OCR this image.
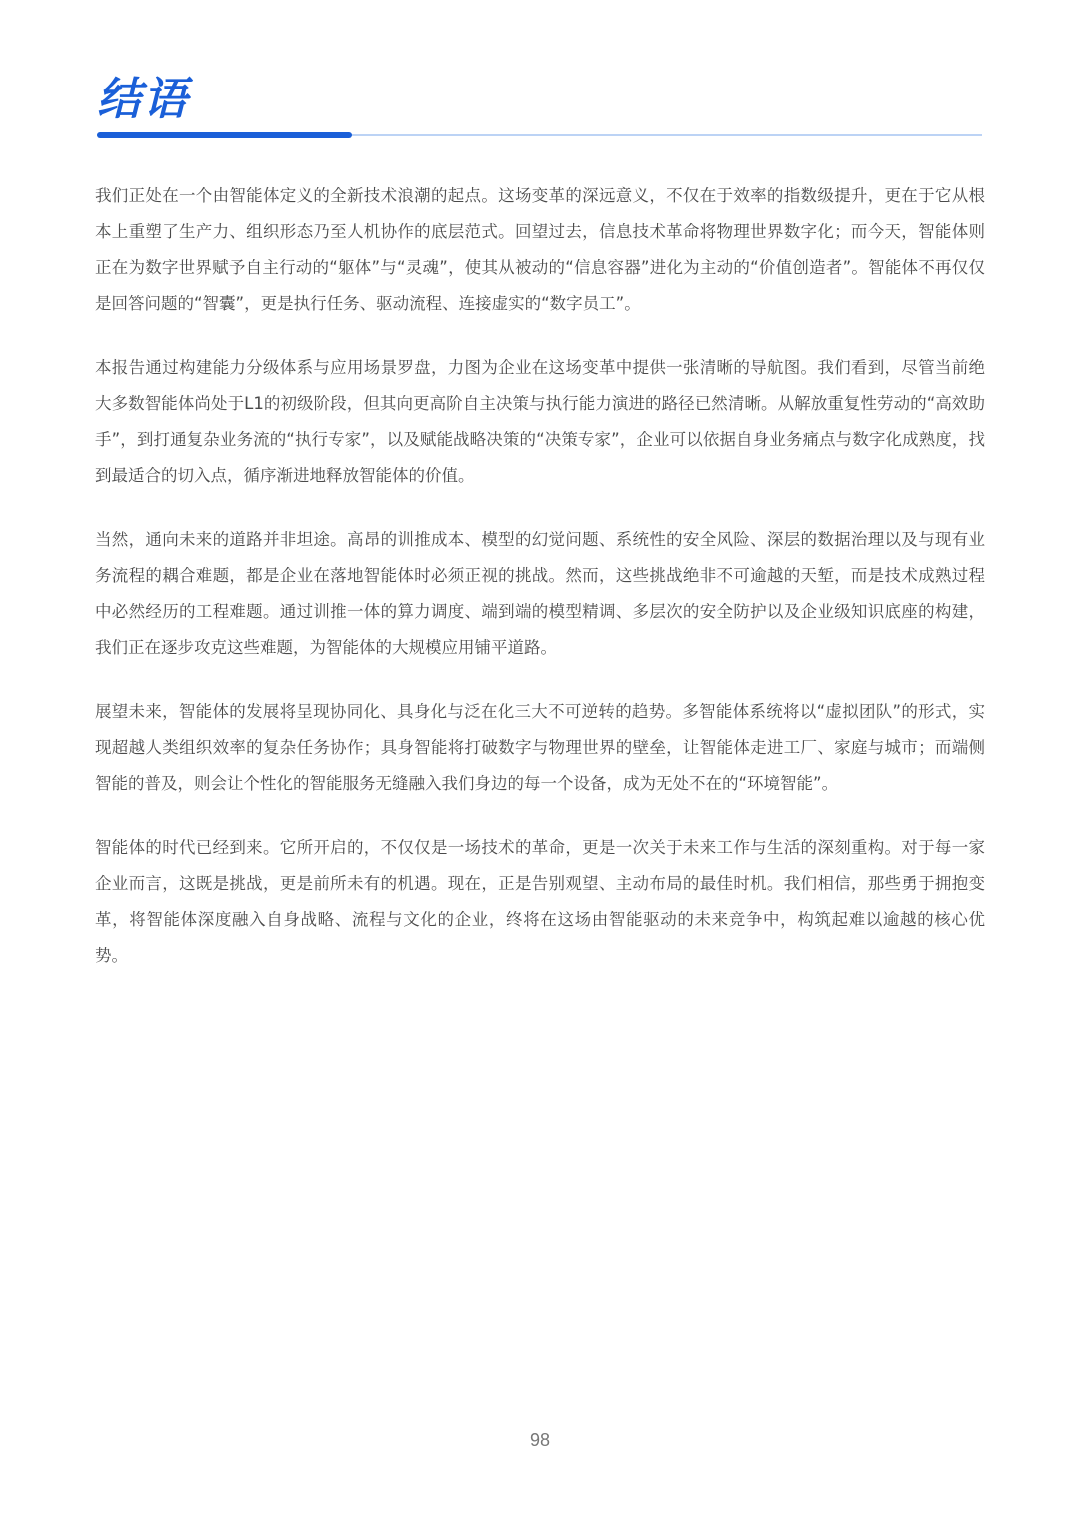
结语

我们正处在一个由智能体定义的全新技术浪潮的起点。这场变革的深远意义，不仅在于效率的指数级提升，更在于它从根本上重塑了生产力、组织形态乃至人机协作的底层范式。回望过去，信息技术革命将物理世界数字化；而今天，智能体则正在为数字世界赋予自主行动的“躯体”与“灵魂”，使其从被动的“信息容器”进化为主动的“价值创造者”。智能体不再仅仅是回答问题的“智囊”，更是执行任务、驱动流程、连接虚实的“数字员工”。

本报告通过构建能力分级体系与应用场景罗盘，力图为企业在这场变革中提供一张清晰的导航图。我们看到，尽管当前绝大多数智能体尚处于L1的初级阶段，但其向更高阶自主决策与执行能力演进的路径已然清晰。从解放重复性劳动的“高效助手”，到打通复杂业务流的“执行专家”，以及赋能战略决策的“决策专家”，企业可以依据自身业务痛点与数字化成熟度，找到最适合的切入点，循序渐进地释放智能体的价值。

当然，通向未来的道路并非坦途。高昂的训推成本、模型的幻觉问题、系统性的安全风险、深层的数据治理以及与现有业务流程的耦合难题，都是企业在落地智能体时必须正视的挑战。然而，这些挑战绝非不可逾越的天堑，而是技术成熟过程中必然经历的工程难题。通过训推一体的算力调度、端到端的模型精调、多层次的安全防护以及企业级知识底座的构建，我们正在逐步攻克这些难题，为智能体的大规模应用铺平道路。

展望未来，智能体的发展将呈现协同化、具身化与泛在化三大不可逆转的趋势。多智能体系统将以“虚拟团队”的形式，实现超越人类组织效率的复杂任务协作；具身智能将打破数字与物理世界的壁垒，让智能体走进工厂、家庭与城市；而端侧智能的普及，则会让个性化的智能服务无缝融入我们身边的每一个设备，成为无处不在的“环境智能”。

智能体的时代已经到来。它所开启的，不仅仅是一场技术的革命，更是一次关于未来工作与生活的深刻重构。对于每一家企业而言，这既是挑战，更是前所未有的机遇。现在，正是告别观望、主动布局的最佳时机。我们相信，那些勇于拥抱变革，将智能体深度融入自身战略、流程与文化的企业，终将在这场由智能驱动的未来竞争中，构筑起难以逾越的核心优势。

98
